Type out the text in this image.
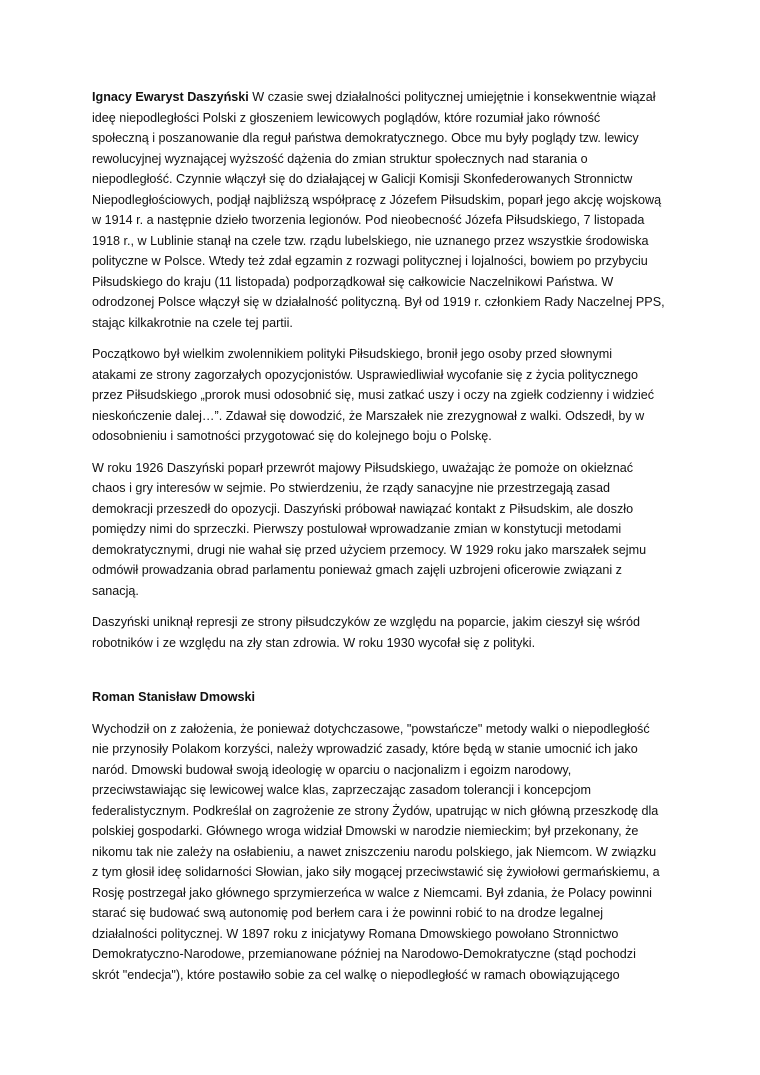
Ignacy Ewaryst Daszyński W czasie swej działalności politycznej umiejętnie i konsekwentnie wiązał
ideę niepodległości Polski z głoszeniem lewicowych poglądów, które rozumiał jako równość
społeczną i poszanowanie dla reguł państwa demokratycznego. Obce mu były poglądy tzw. lewicy
rewolucyjnej wyznającej wyższość dążenia do zmian struktur społecznych nad starania o
niepodległość. Czynnie włączył się do działającej w Galicji Komisji Skonfederowanych Stronnictw
Niepodległościowych, podjął najbliższą współpracę z Józefem Piłsudskim, poparł jego akcję wojskową
w 1914 r. a następnie dzieło tworzenia legionów. Pod nieobecność Józefa Piłsudskiego, 7 listopada
1918 r., w Lublinie stanął na czele tzw. rządu lubelskiego, nie uznanego przez wszystkie środowiska
polityczne w Polsce. Wtedy też zdał egzamin z rozwagi politycznej i lojalności, bowiem po przybyciu
Piłsudskiego do kraju (11 listopada) podporządkował się całkowicie Naczelnikowi Państwa. W
odrodzonej Polsce włączył się w działalność polityczną. Był od 1919 r. członkiem Rady Naczelnej PPS,
stając kilkakrotnie na czele tej partii.
Początkowo był wielkim zwolennikiem polityki Piłsudskiego, bronił jego osoby przed słownymi
atakami ze strony zagorzałych opozycjonistów. Usprawiedliwiał wycofanie się z życia politycznego
przez Piłsudskiego „prorok musi odosobnić się, musi zatkać uszy i oczy na zgiełk codzienny i widzieć
nieskończenie dalej…”. Zdawał się dowodzić, że Marszałek nie zrezygnował z walki. Odszedł, by w
odosobnieniu i samotności przygotować się do kolejnego boju o Polskę.
W roku 1926 Daszyński poparł przewrót majowy Piłsudskiego, uważając że pomoże on okiełznać
chaos i gry interesów w sejmie. Po stwierdzeniu, że rządy sanacyjne nie przestrzegają zasad
demokracji przeszedł do opozycji. Daszyński próbował nawiązać kontakt z Piłsudskim, ale doszło
pomiędzy nimi do sprzeczki. Pierwszy postulował wprowadzanie zmian w konstytucji metodami
demokratycznymi, drugi nie wahał się przed użyciem przemocy. W 1929 roku jako marszałek sejmu
odmówił prowadzania obrad parlamentu ponieważ gmach zajęli uzbrojeni oficerowie związani z
sanacją.
Daszyński uniknął represji ze strony piłsudczyków ze względu na poparcie, jakim cieszył się wśród
robotników i ze względu na zły stan zdrowia. W roku 1930 wycofał się z polityki.
Roman Stanisław Dmowski
Wychodził on z założenia, że ponieważ dotychczasowe, "powstańcze" metody walki o niepodległość
nie przynosiły Polakom korzyści, należy wprowadzić zasady, które będą w stanie umocnić ich jako
naród. Dmowski budował swoją ideologię w oparciu o nacjonalizm i egoizm narodowy,
przeciwstawiając się lewicowej walce klas, zaprzeczając zasadom tolerancji i koncepcjom
federalistycznym. Podkreślał on zagrożenie ze strony Żydów, upatrując w nich główną przeszkodę dla
polskiej gospodarki. Głównego wroga widział Dmowski w narodzie niemieckim; był przekonany, że
nikomu tak nie zależy na osłabieniu, a nawet zniszczeniu narodu polskiego, jak Niemcom. W związku
z tym głosił ideę solidarności Słowian, jako siły mogącej przeciwstawić się żywiołowi germańskiemu, a
Rosję postrzegał jako głównego sprzymierzeńca w walce z Niemcami. Był zdania, że Polacy powinni
starać się budować swą autonomię pod berłem cara i że powinni robić to na drodze legalnej
działalności politycznej. W 1897 roku z inicjatywy Romana Dmowskiego powołano Stronnictwo
Demokratyczno-Narodowe, przemianowane później na Narodowo-Demokratyczne (stąd pochodzi
skrót "endecja"), które postawiło sobie za cel walkę o niepodległość w ramach obowiązującego
